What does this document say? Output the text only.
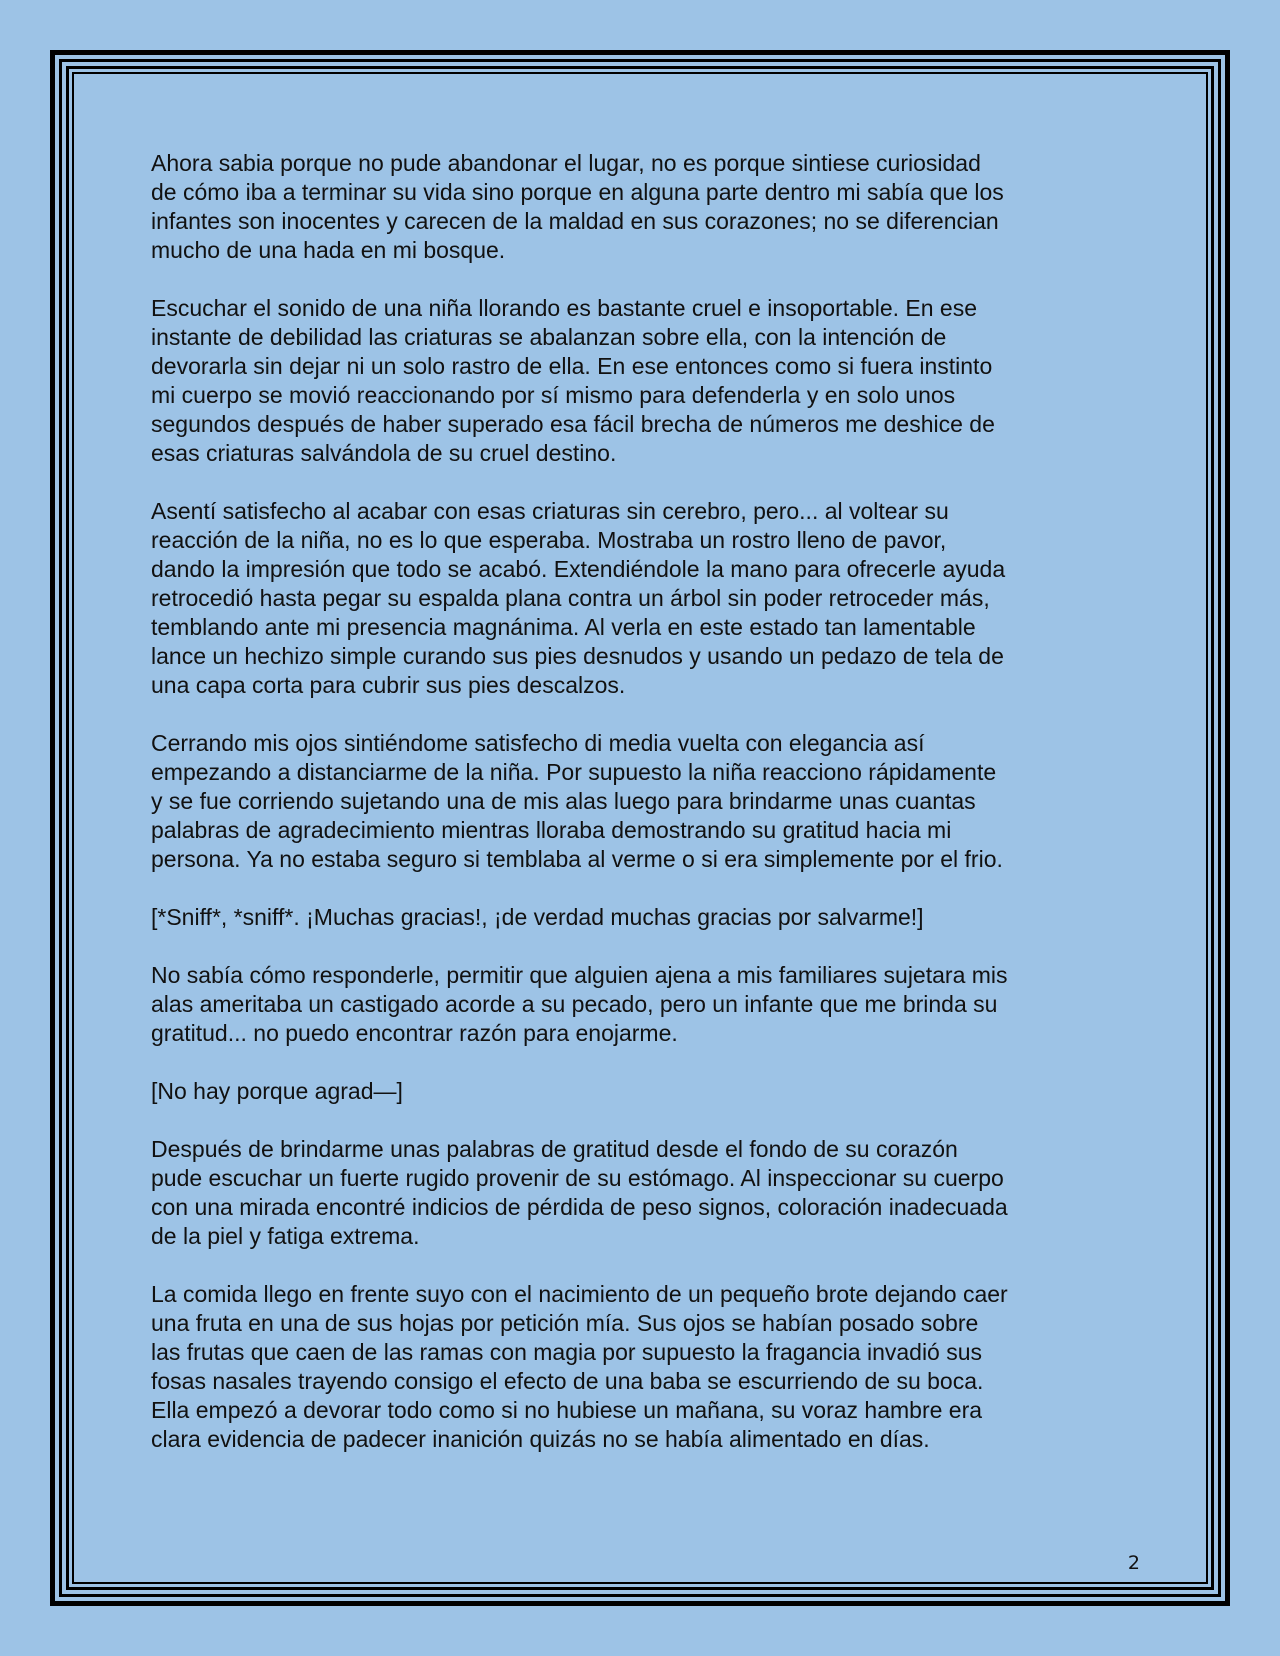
Ahora sabia porque no pude abandonar el lugar, no es porque sintiese curiosidad
de cómo iba a terminar su vida sino porque en alguna parte dentro mi sabía que los
infantes son inocentes y carecen de la maldad en sus corazones; no se diferencian
mucho de una hada en mi bosque.

Escuchar el sonido de una niña llorando es bastante cruel e insoportable. En ese
instante de debilidad las criaturas se abalanzan sobre ella, con la intención de
devorarla sin dejar ni un solo rastro de ella. En ese entonces como si fuera instinto
mi cuerpo se movió reaccionando por sí mismo para defenderla y en solo unos
segundos después de haber superado esa fácil brecha de números me deshice de
esas criaturas salvándola de su cruel destino.

Asentí satisfecho al acabar con esas criaturas sin cerebro, pero... al voltear su
reacción de la niña, no es lo que esperaba. Mostraba un rostro lleno de pavor,
dando la impresión que todo se acabó. Extendiéndole la mano para ofrecerle ayuda
retrocedió hasta pegar su espalda plana contra un árbol sin poder retroceder más,
temblando ante mi presencia magnánima. Al verla en este estado tan lamentable
lance un hechizo simple curando sus pies desnudos y usando un pedazo de tela de
una capa corta para cubrir sus pies descalzos.

Cerrando mis ojos sintiéndome satisfecho di media vuelta con elegancia así
empezando a distanciarme de la niña. Por supuesto la niña reacciono rápidamente
y se fue corriendo sujetando una de mis alas luego para brindarme unas cuantas
palabras de agradecimiento mientras lloraba demostrando su gratitud hacia mi
persona. Ya no estaba seguro si temblaba al verme o si era simplemente por el frio.

[*Sniff*, *sniff*. ¡Muchas gracias!, ¡de verdad muchas gracias por salvarme!]

No sabía cómo responderle, permitir que alguien ajena a mis familiares sujetara mis
alas ameritaba un castigado acorde a su pecado, pero un infante que me brinda su
gratitud... no puedo encontrar razón para enojarme.

[No hay porque agrad—]

Después de brindarme unas palabras de gratitud desde el fondo de su corazón
pude escuchar un fuerte rugido provenir de su estómago. Al inspeccionar su cuerpo
con una mirada encontré indicios de pérdida de peso signos, coloración inadecuada
de la piel y fatiga extrema.

La comida llego en frente suyo con el nacimiento de un pequeño brote dejando caer
una fruta en una de sus hojas por petición mía. Sus ojos se habían posado sobre
las frutas que caen de las ramas con magia por supuesto la fragancia invadió sus
fosas nasales trayendo consigo el efecto de una baba se escurriendo de su boca.
Ella empezó a devorar todo como si no hubiese un mañana, su voraz hambre era
clara evidencia de padecer inanición quizás no se había alimentado en días.

2
